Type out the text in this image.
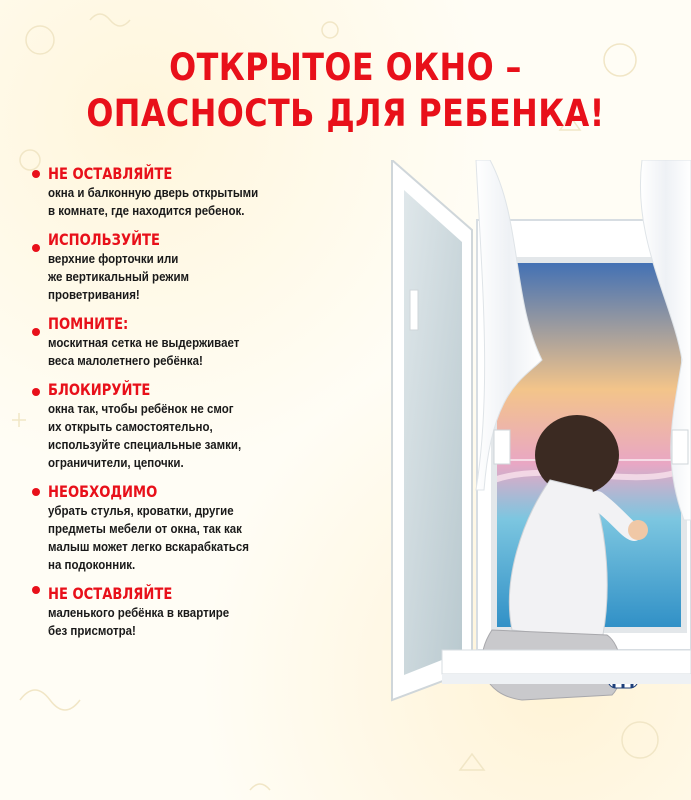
ОТКРЫТОЕ ОКНО –
ОПАСНОСТЬ ДЛЯ РЕБЕНКА!
НЕ ОСТАВЛЯЙТЕ
окна и балконную дверь открытыми
в комнате, где находится ребенок.
ИСПОЛЬЗУЙТЕ
верхние форточки или
же вертикальный режим
проветривания!
ПОМНИТЕ:
москитная сетка не выдерживает
веса малолетнего ребёнка!
БЛОКИРУЙТЕ
окна так, чтобы ребёнок не смог
их открыть самостоятельно,
используйте специальные замки,
ограничители, цепочки.
НЕОБХОДИМО
убрать стулья, кроватки, другие
предметы мебели от окна, так как
малыш может легко вскарабкаться
на подоконник.
НЕ ОСТАВЛЯЙТЕ
маленького ребёнка в квартире
без присмотра!
